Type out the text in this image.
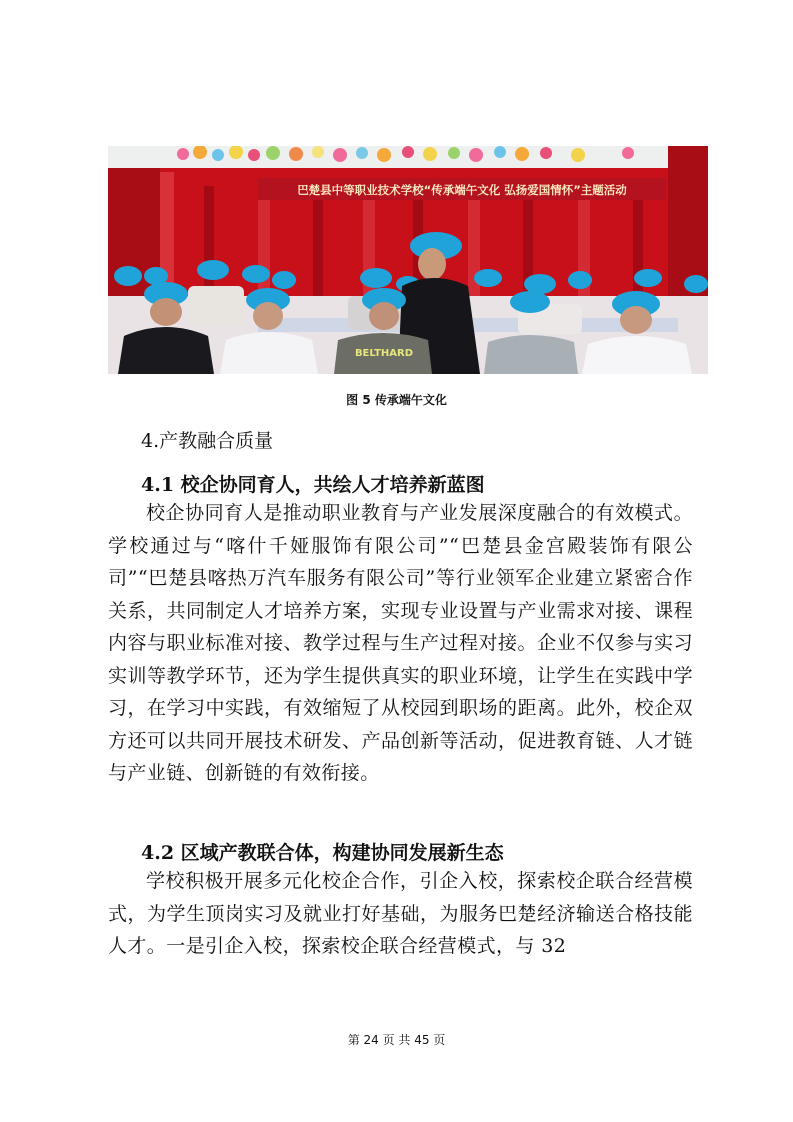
巴楚县中等职业技术学校“传承端午文化 弘扬爱国情怀”主题活动
BELTHARD
图 5 传承端午文化
4.产教融合质量
4.1 校企协同育人，共绘人才培养新蓝图

校企协同育人是推动职业教育与产业发展深度融合的有效模式。学校通过与“喀什千娅服饰有限公司”“巴楚县金宫殿装饰有限公司”“巴楚县喀热万汽车服务有限公司”等行业领军企业建立紧密合作关系，共同制定人才培养方案，实现专业设置与产业需求对接、课程内容与职业标准对接、教学过程与生产过程对接。企业不仅参与实习实训等教学环节，还为学生提供真实的职业环境，让学生在实践中学习，在学习中实践，有效缩短了从校园到职场的距离。此外，校企双方还可以共同开展技术研发、产品创新等活动，促进教育链、人才链与产业链、创新链的有效衔接。

4.2 区域产教联合体，构建协同发展新生态

学校积极开展多元化校企合作，引企入校，探索校企联合经营模式，为学生顶岗实习及就业打好基础，为服务巴楚经济输送合格技能人才。一是引企入校，探索校企联合经营模式，与 32

第 24 页 共 45 页
